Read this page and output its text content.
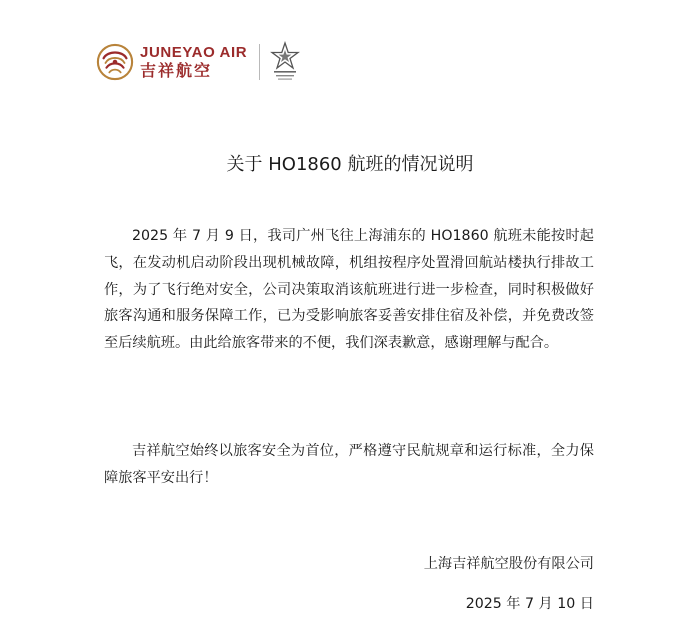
JUNEYAO AIR
吉祥航空
关于 HO1860 航班的情况说明

2025 年 7 月 9 日，我司广州飞往上海浦东的 HO1860 航班未能按时起飞，在发动机启动阶段出现机械故障，机组按程序处置滑回航站楼执行排故工作，为了飞行绝对安全，公司决策取消该航班进行进一步检查，同时积极做好旅客沟通和服务保障工作，已为受影响旅客妥善安排住宿及补偿，并免费改签至后续航班。由此给旅客带来的不便，我们深表歉意，感谢理解与配合。

吉祥航空始终以旅客安全为首位，严格遵守民航规章和运行标准，全力保障旅客平安出行！

上海吉祥航空股份有限公司
2025 年 7 月 10 日
